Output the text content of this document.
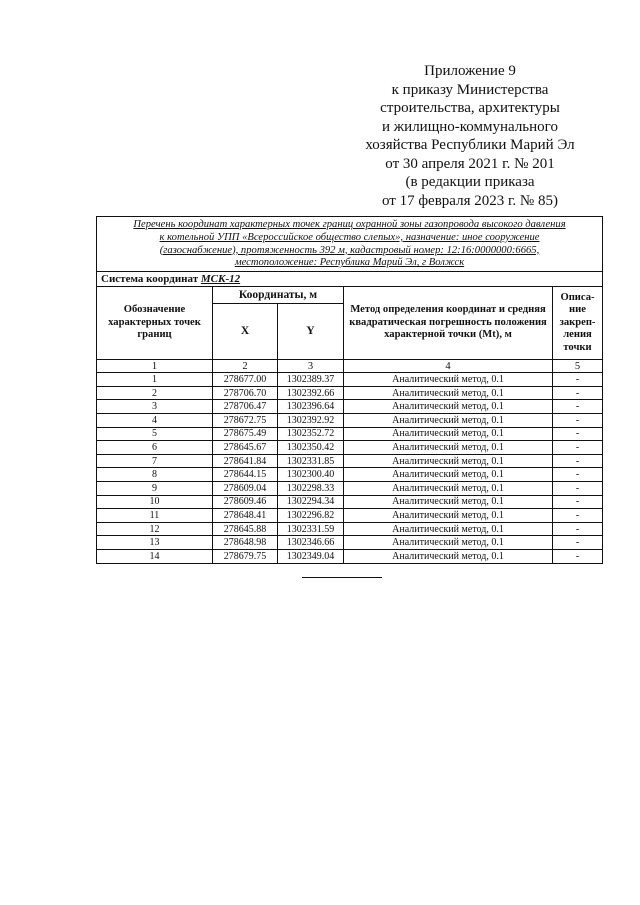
Приложение 9
к приказу Министерства
строительства, архитектуры
и жилищно-коммунального
хозяйства Республики Марий Эл
от 30 апреля 2021 г. № 201
(в редакции приказа
от 17 февраля 2023 г. № 85)
Перечень координат характерных точек границ охранной зоны газопровода высокого давления
к котельной УПП «Всероссийское общество слепых», назначение: иное сооружение
(газоснабжение), протяженность 392 м, кадастровый номер: 12:16:0000000:6665,
местоположение: Республика Марий Эл, г Волжск				

Система координат МСК-12				
Обозначение характерных точек границ	Координаты, м		Метод определения координат и средняя квадратическая погрешность положения характерной точки (Mt), м	Описа-ние закреп-ления точки
	X	Y		
1	2	3	4	5
1	278677.00	1302389.37	Аналитический метод, 0.1	-
2	278706.70	1302392.66	Аналитический метод, 0.1	-
3	278706.47	1302396.64	Аналитический метод, 0.1	-
4	278672.75	1302392.92	Аналитический метод, 0.1	-
5	278675.49	1302352.72	Аналитический метод, 0.1	-
6	278645.67	1302350.42	Аналитический метод, 0.1	-
7	278641.84	1302331.85	Аналитический метод, 0.1	-
8	278644.15	1302300.40	Аналитический метод, 0.1	-
9	278609.04	1302298.33	Аналитический метод, 0.1	-
10	278609.46	1302294.34	Аналитический метод, 0.1	-
11	278648.41	1302296.82	Аналитический метод, 0.1	-
12	278645.88	1302331.59	Аналитический метод, 0.1	-
13	278648.98	1302346.66	Аналитический метод, 0.1	-
14	278679.75	1302349.04	Аналитический метод, 0.1	-
